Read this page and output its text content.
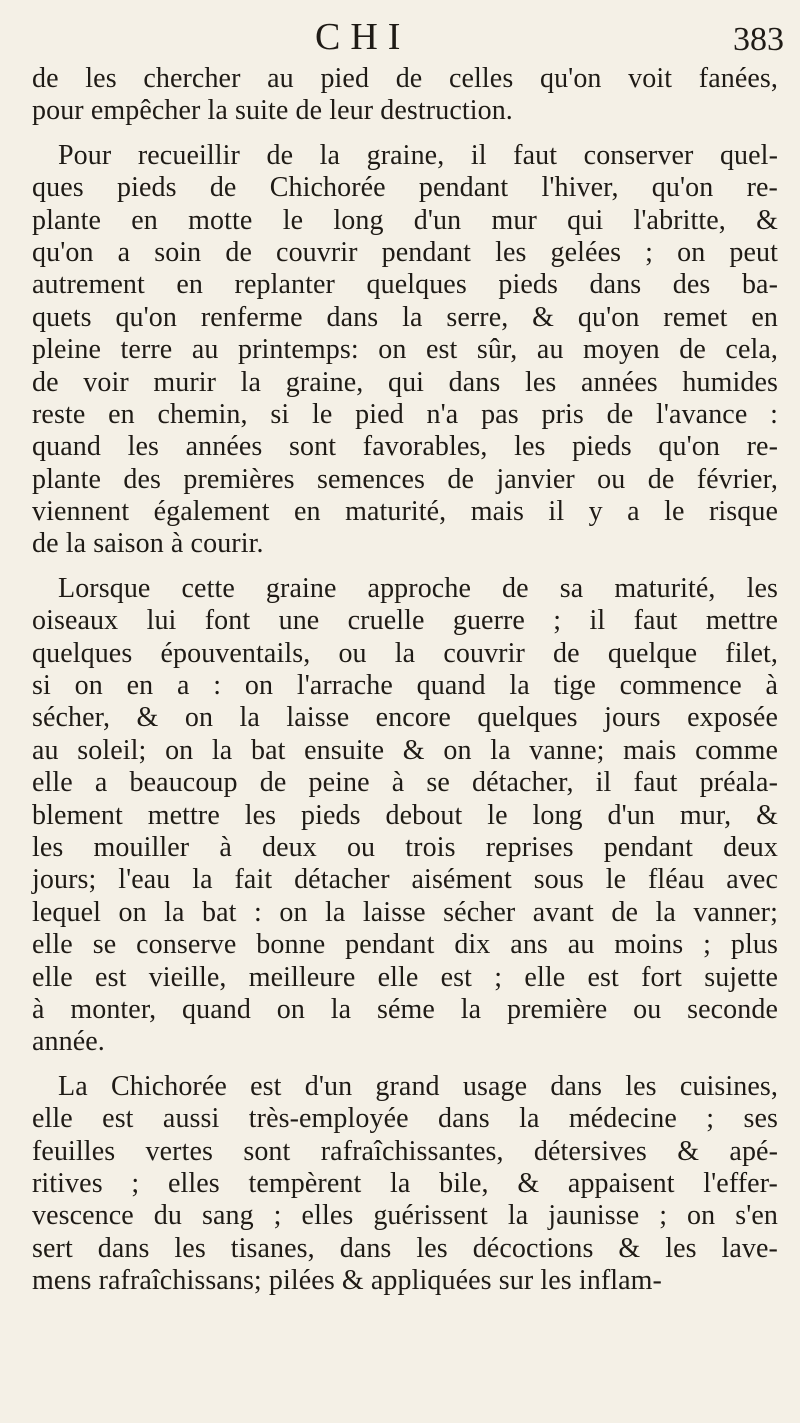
CHI	383
de les chercher au pied de celles qu'on voit fanées,
pour empêcher la suite de leur destruction.
Pour recueillir de la graine, il faut conserver quel-
ques pieds de Chichorée pendant l'hiver, qu'on re-
plante en motte le long d'un mur qui l'abritte, &
qu'on a soin de couvrir pendant les gelées ; on peut
autrement en replanter quelques pieds dans des ba-
quets qu'on renferme dans la serre, & qu'on remet en
pleine terre au printemps: on est sûr, au moyen de cela,
de voir murir la graine, qui dans les années humides
reste en chemin, si le pied n'a pas pris de l'avance :
quand les années sont favorables, les pieds qu'on re-
plante des premières semences de janvier ou de février,
viennent également en maturité, mais il y a le risque
de la saison à courir.
Lorsque cette graine approche de sa maturité, les
oiseaux lui font une cruelle guerre ; il faut mettre
quelques épouventails, ou la couvrir de quelque filet,
si on en a : on l'arrache quand la tige commence à
sécher, & on la laisse encore quelques jours exposée
au soleil; on la bat ensuite & on la vanne; mais comme
elle a beaucoup de peine à se détacher, il faut préala-
blement mettre les pieds debout le long d'un mur, &
les mouiller à deux ou trois reprises pendant deux
jours; l'eau la fait détacher aisément sous le fléau avec
lequel on la bat : on la laisse sécher avant de la vanner;
elle se conserve bonne pendant dix ans au moins ; plus
elle est vieille, meilleure elle est ; elle est fort sujette
à monter, quand on la séme la première ou seconde
année.
La Chichorée est d'un grand usage dans les cuisines,
elle est aussi très-employée dans la médecine ; ses
feuilles vertes sont rafraîchissantes, détersives & apé-
ritives ; elles tempèrent la bile, & appaisent l'effer-
vescence du sang ; elles guérissent la jaunisse ; on s'en
sert dans les tisanes, dans les décoctions & les lave-
mens rafraîchissans; pilées & appliquées sur les inflam-
